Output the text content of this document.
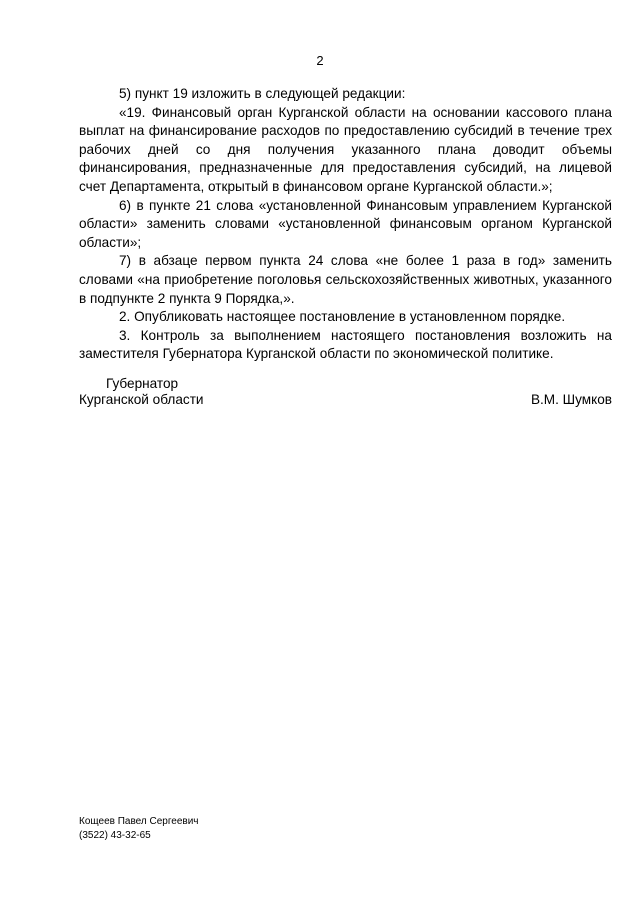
2

5) пункт 19 изложить в следующей редакции:

«19. Финансовый орган Курганской области на основании кассового плана выплат на финансирование расходов по предоставлению субсидий в течение трех рабочих дней со дня получения указанного плана доводит объемы финансирования, предназначенные для предоставления субсидий, на лицевой счет Департамента, открытый в финансовом органе Курганской области.»;

6) в пункте 21 слова «установленной Финансовым управлением Курганской области» заменить словами «установленной финансовым органом Курганской области»;

7) в абзаце первом пункта 24 слова «не более 1 раза в год» заменить словами «на приобретение поголовья сельскохозяйственных животных, указанного в подпункте 2 пункта 9 Порядка,».

2. Опубликовать настоящее постановление в установленном порядке.

3. Контроль за выполнением настоящего постановления возложить на заместителя Губернатора Курганской области по экономической политике.

Губернатор
Курганской области	В.М. Шумков
Кощеев Павел Сергеевич
(3522) 43-32-65
